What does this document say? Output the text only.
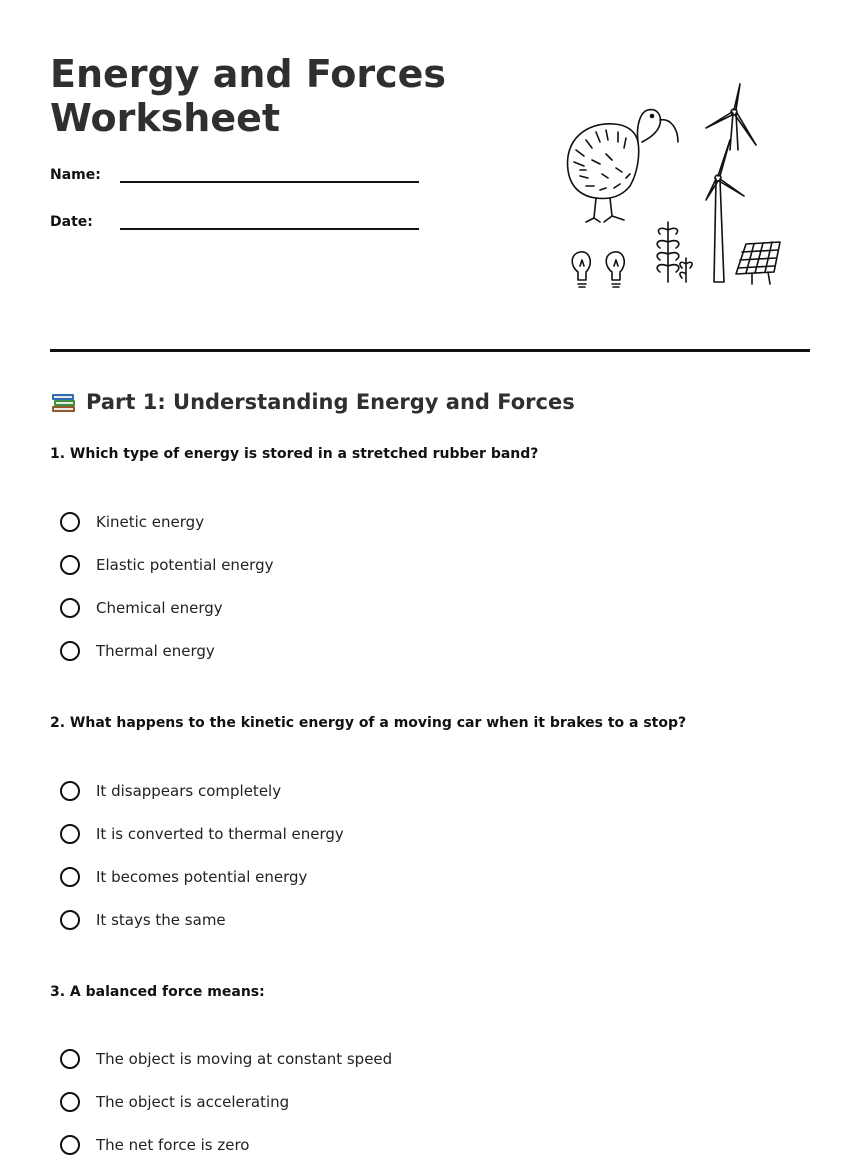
Energy and Forces Worksheet
Name:
Date:
Part 1: Understanding Energy and Forces

1. Which type of energy is stored in a stretched rubber band?

Kinetic energy
Elastic potential energy
Chemical energy
Thermal energy

2. What happens to the kinetic energy of a moving car when it brakes to a stop?

It disappears completely
It is converted to thermal energy
It becomes potential energy
It stays the same

3. A balanced force means:

The object is moving at constant speed
The object is accelerating
The net force is zero
